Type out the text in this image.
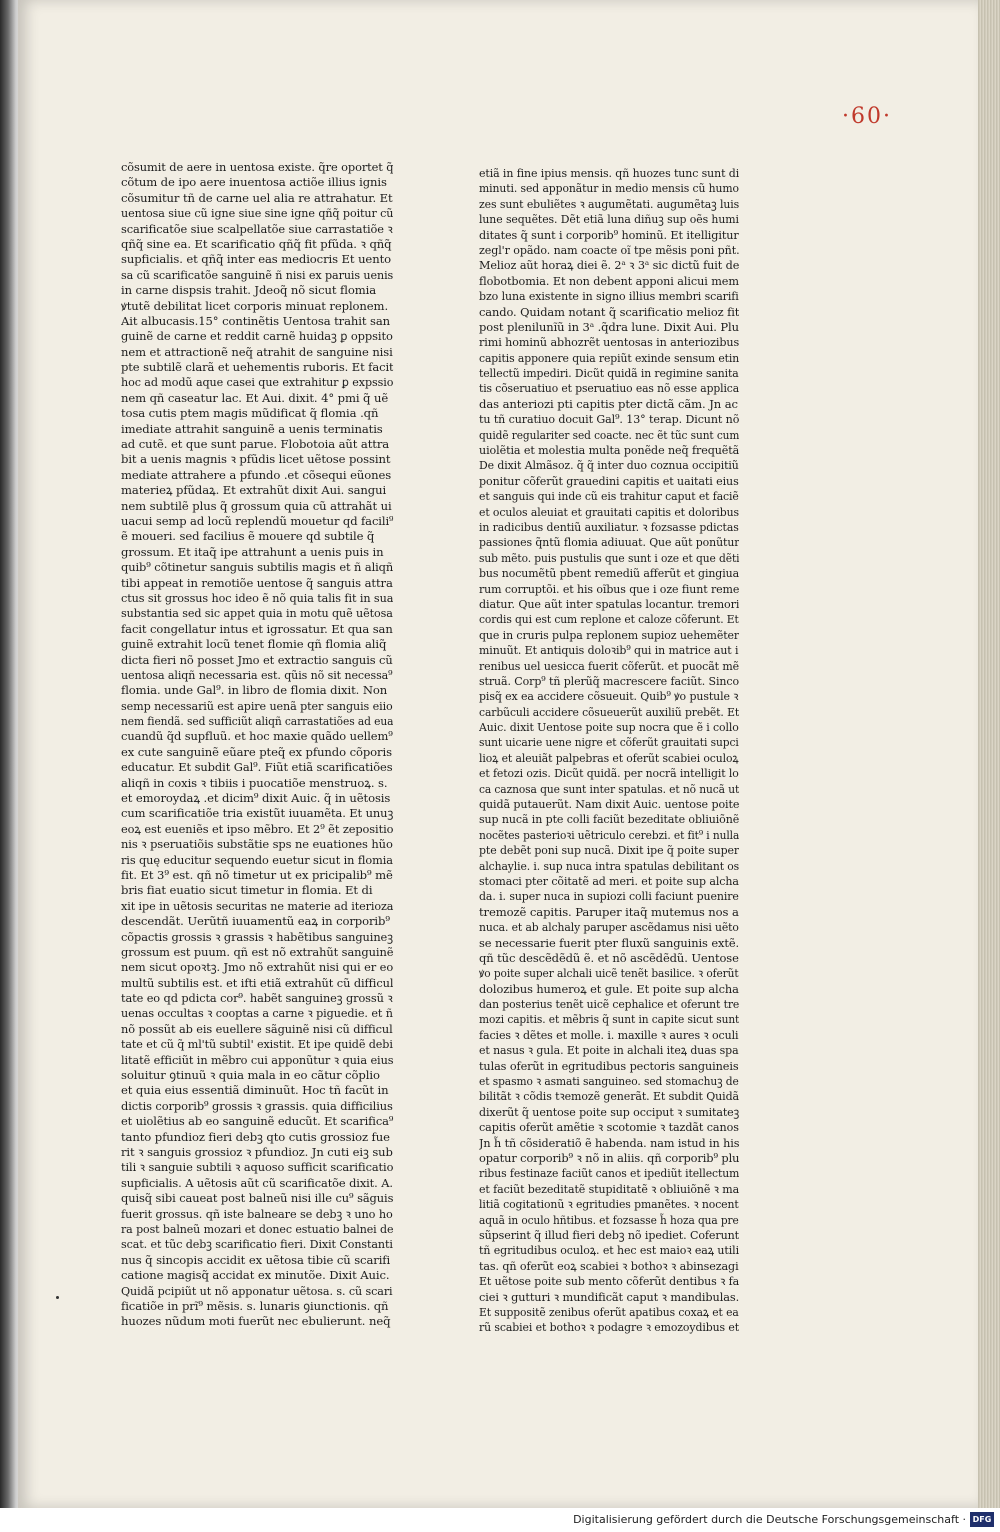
·60·
cõsumit de aere in uentosa existe. q̃re oportet q̃
cõtum de ipo aere inuentosa actiõe illius ignis
cõsumitur tñ de carne uel alia re attrahatur. Et
uentosa siue cũ igne siue sine igne qñq̃ poitur cũ
scarificatõe siue scalpellatõe siue carrastatiõe ꝛ
qñq̃ sine ea. Et scarificatio qñq̃ fit pfũda. ꝛ qñq̃
supficialis. et qñq̃ inter eas mediocris Et uento
sa cũ scarificatõe sanguinẽ ñ nisi ex paruis uenis
in carne dispsis trahit. Jdeoq̃ nõ sicut flomia
ꝟtutẽ debilitat licet corporis minuat replonem.
Ait albucasis.15° continẽtis Uentosa trahit san
guinẽ de carne et reddit carnẽ huidaꝫ ꝑ oppsito
nem et attractionẽ neq̃ atrahit de sanguine nisi
pte subtilẽ clarã et uehementis ruboris. Et facit
hoc ad modũ aque casei que extrahitur ꝑ expssio
nem qñ caseatur lac. Et Aui. dixit. 4° pmi q̃ uẽ
tosa cutis ptem magis mũdificat q̃ flomia .qñ
imediate attrahit sanguinẽ a uenis terminatis
ad cutẽ. et que sunt parue. Flobotoia aũt attra
bit a uenis magnis ꝛ pfũdis licet uẽtose possint
mediate attrahere a pfundo .et cõsequi eũones
materieꝝ pfũdaꝝ. Et extrahũt dixit Aui. sangui
nem subtilẽ plus q̃ grossum quia cũ attrahãt ui
uacui semp ad locũ replendũ mouetur qd facili⁹
ẽ moueri. sed facilius ẽ mouere qd subtile q̃
grossum. Et itaq̃ ipe attrahunt a uenis puis in
quib⁹ cõtinetur sanguis subtilis magis et ñ aliqñ
tibi appeat in remotiõe uentose q̃ sanguis attra
ctus sit grossus hoc ideo ẽ nõ quia talis fit in sua
substantia sed sic appet quia in motu quẽ uẽtosa
facit congellatur intus et igrossatur. Et qua san
guinẽ extrahit locũ tenet flomie qñ flomia aliq̃
dicta fieri nõ posset Jmo et extractio sanguis cũ
uentosa aliqñ necessaria est. qũis nõ sit necessa⁹
flomia. unde Gal⁹. in libro de flomia dixit. Non
semp necessariũ est apire uenã pter sanguis eiio
nem fiendã. sed sufficiũt aliqñ carrastatiões ad eua
cuandũ q̃d supfluũ. et hoc maxie quãdo uellem⁹
ex cute sanguinẽ eũare pteq̃ ex pfundo cõporis
educatur. Et subdit Gal⁹. Fiũt etiã scarificatiões
aliqñ in coxis ꝛ tibiis i puocatiõe menstruoꝝ. s.
et emoroydaꝝ .et dicim⁹ dixit Auic. q̃ in uẽtosis
cum scarificatiõe tria existũt iuuamẽta. Et unuꝫ
eoꝝ est eueniẽs et ipso mẽbro. Et 2⁹ ẽt zepositio
nis ꝛ pseruatiõis substãtie sps ne euationes hũo
ris quę educitur sequendo euetur sicut in flomia
fit. Et 3⁹ est. qñ nõ timetur ut ex pricipalib⁹ mẽ
bris fiat euatio sicut timetur in flomia. Et di
xit ipe in uẽtosis securitas ne materie ad iterioza
descendãt. Uerũtñ iuuamentũ eaꝝ in corporib⁹
cõpactis grossis ꝛ grassis ꝛ habẽtibus sanguineꝫ
grossum est puum. qñ est nõ extrahũt sanguinẽ
nem sicut opoꝛtꝫ. Jmo nõ extrahũt nisi qui er eo
multũ subtilis est. et ifti etiã extrahũt cũ difficul
tate eo qd pdicta cor⁹. habẽt sanguineꝫ grossũ ꝛ
uenas occultas ꝛ cooptas a carne ꝛ piguedie. et ñ
nõ possũt ab eis euellere sãguinẽ nisi cũ difficul
tate et cũ q̃ ml'tũ subtil' existit. Et ipe quidẽ debi
litatẽ efficiũt in mẽbro cui apponũtur ꝛ quia eius
soluitur ꝯtinuũ ꝛ quia mala in eo cãtur cõplio
et quia eius essentiã diminuũt. Hoc tñ facũt in
dictis corporib⁹ grossis ꝛ grassis. quia difficilius
et uiolẽtius ab eo sanguinẽ educũt. Et scarifica⁹
tanto pfundioz fieri debꝫ qto cutis grossioz fue
rit ꝛ sanguis grossioz ꝛ pfundioz. Jn cuti eiꝫ sub
tili ꝛ sanguie subtili ꝛ aquoso sufficit scarificatio
supficialis. A uẽtosis aũt cũ scarificatõe dixit. A.
quisq̃ sibi caueat post balneũ nisi ille cu⁹ sãguis
fuerit grossus. qñ iste balneare se debꝫ ꝛ uno ho
ra post balneũ mozari et donec estuatio balnei de
scat. et tũc debꝫ scarificatio fieri. Dixit Constanti
nus q̃ sincopis accidit ex uẽtosa tibie cũ scarifi
catione magisq̃ accidat ex minutõe. Dixit Auic.
Quidã pcipiũt ut nõ apponatur uẽtosa. s. cũ scari
ficatiõe in prĩ⁹ mẽsis. s. lunaris ꝯiunctionis. qñ
huozes nũdum moti fuerũt nec ebulierunt. neq̃
etiã in fine ipius mensis. qñ huozes tunc sunt di
minuti. sed apponãtur in medio mensis cũ humo
zes sunt ebuliẽtes ꝛ augumẽtati. augumẽtaꝫ luis
lune sequẽtes. Dẽt etiã luna diñuꝫ sup oẽs humi
ditates q̃ sunt i corporib⁹ hominũ. Et itelligitur
zegl'r opãdo. nam coacte oĩ tpe mẽsis poni pñt.
Melioz aũt horaꝝ diei ẽ. 2ᵃ ꝛ 3ᵃ sic dictũ fuit de
flobotbomia. Et non debent apponi alicui mem
bzo luna existente in signo illius membri scarifi
cando. Quidam notant q̃ scarificatio melioz fit
post plenilunĩũ in 3ᵃ .q̃dra lune. Dixit Aui. Plu
rimi hominũ abhozrẽt uentosas in anteriozibus
capitis apponere quia repiũt exinde sensum etin
tellectũ impediri. Dicũt quidã in regimine sanita
tis cõseruatiuo et pseruatiuo eas nõ esse applica
das anteriozi pti capitis pter dictã cãm. Jn ac
tu tñ curatiuo docuit Gal⁹. 13° terap. Dicunt nõ
quidẽ regulariter sed coacte. nec ẽt tũc sunt cum
uiolẽtia et molestia multa ponẽde neq̃ frequẽtã
De dixit Almãsoz. q̃ q̃ inter duo coznua occipitiũ
ponitur cõferũt grauedini capitis et uaitati eius
et sanguis qui inde cũ eis trahitur caput et faciẽ
et oculos aleuiat et grauitati capitis et doloribus
in radicibus dentiũ auxiliatur. ꝛ fozsasse pdictas
passiones q̃ntũ flomia adiuuat. Que aũt ponũtur
sub mẽto. puis pustulis que sunt i oze et que dẽti
bus nocumẽtũ pbent remediũ afferũt et gingiua
rum corruptõi. et his oĩbus que i oze fiunt reme
diatur. Que aũt inter spatulas locantur. tremori
cordis qui est cum replone et caloze cõferunt. Et
que in cruris pulpa replonem supioz uehemẽter
minuũt. Et antiquis doloꝛib⁹ qui in matrice aut i
renibus uel uesicca fuerit cõferũt. et puocãt mẽ
struã. Corp⁹ tñ plerũq̃ macrescere faciũt. Sinco
pisq̃ ex ea accidere cõsueuit. Quib⁹ ꝟo pustule ꝛ
carbũculi accidere cõsueuerũt auxiliũ prebẽt. Et
Auic. dixit Uentose poite sup nocra que ẽ i collo
sunt uicarie uene nigre et cõferũt grauitati supci
lioꝝ et aleuiãt palpebras et oferũt scabiei oculoꝝ
et fetozi ozis. Dicũt quidã. per nocrã intelligit lo
ca caznosa que sunt inter spatulas. et nõ nucã ut
quidã putauerũt. Nam dixit Auic. uentose poite
sup nucã in pte colli faciũt bezeditate obliuiõnẽ
nocẽtes pasterioꝛi uẽtriculo cerebzi. et fit⁹ i nulla
pte debẽt poni sup nucã. Dixit ipe q̃ poite super
alchaylie. i. sup nuca intra spatulas debilitant os
stomaci pter cõitatẽ ad meri. et poite sup alcha
da. i. super nuca in supiozi colli faciunt puenire
tremozẽ capitis. Paruper itaq̃ mutemus nos a
nuca. et ab alchaly paruper ascẽdamus nisi uẽto
se necessarie fuerit pter fluxũ sanguinis extẽ.
qñ tũc descẽdẽdũ ẽ. et nõ ascẽdẽdũ. Uentose
ꝟo poite super alchali uicẽ tenẽt basilice. ꝛ oferũt
dolozibus humeroꝝ et gule. Et poite sup alcha
dan posterius tenẽt uicẽ cephalice et oferunt tre
mozi capitis. et mẽbris q̃ sunt in capite sicut sunt
facies ꝛ dẽtes et molle. i. maxille ꝛ aures ꝛ oculi
et nasus ꝛ gula. Et poite in alchali iteꝝ duas spa
tulas oferũt in egritudibus pectoris sanguineis
et spasmo ꝛ asmati sanguineo. sed stomachuꝫ de
bilitãt ꝛ cõdis tꝛemozẽ generãt. Et subdit Quidã
dixerũt q̃ uentose poite sup occiput ꝛ sumitateꝫ
capitis oferũt amẽtie ꝛ scotomie ꝛ tazdãt canos
Jn h̃ tñ cõsideratiõ ẽ habenda. nam istud in his
opatur corporib⁹ ꝛ nõ in aliis. qñ corporib⁹ plu
ribus festinaze faciũt canos et ipediũt itellectum
et faciũt bezeditatẽ stupiditatẽ ꝛ obliuiõnẽ ꝛ ma
litiã cogitationũ ꝛ egritudies pmanẽtes. ꝛ nocent
aquã in oculo hñtibus. et fozsasse h̃ hoza qua pre
sũpserint q̃ illud fieri debꝫ nõ ipediet. Coferunt
tñ egritudibus oculoꝝ. et hec est maioꝛ eaꝝ utili
tas. qñ oferũt eoꝝ scabiei ꝛ bothoꝛ ꝛ abinsezagi
Et uẽtose poite sub mento cõferũt dentibus ꝛ fa
ciei ꝛ gutturi ꝛ mundificãt caput ꝛ mandibulas.
Et suppositẽ zenibus oferũt apatibus coxaꝝ et ea
rũ scabiei et bothoꝛ ꝛ podagre ꝛ emozoydibus et
Digitalisierung gefördert durch die Deutsche Forschungsgemeinschaft · DFG
